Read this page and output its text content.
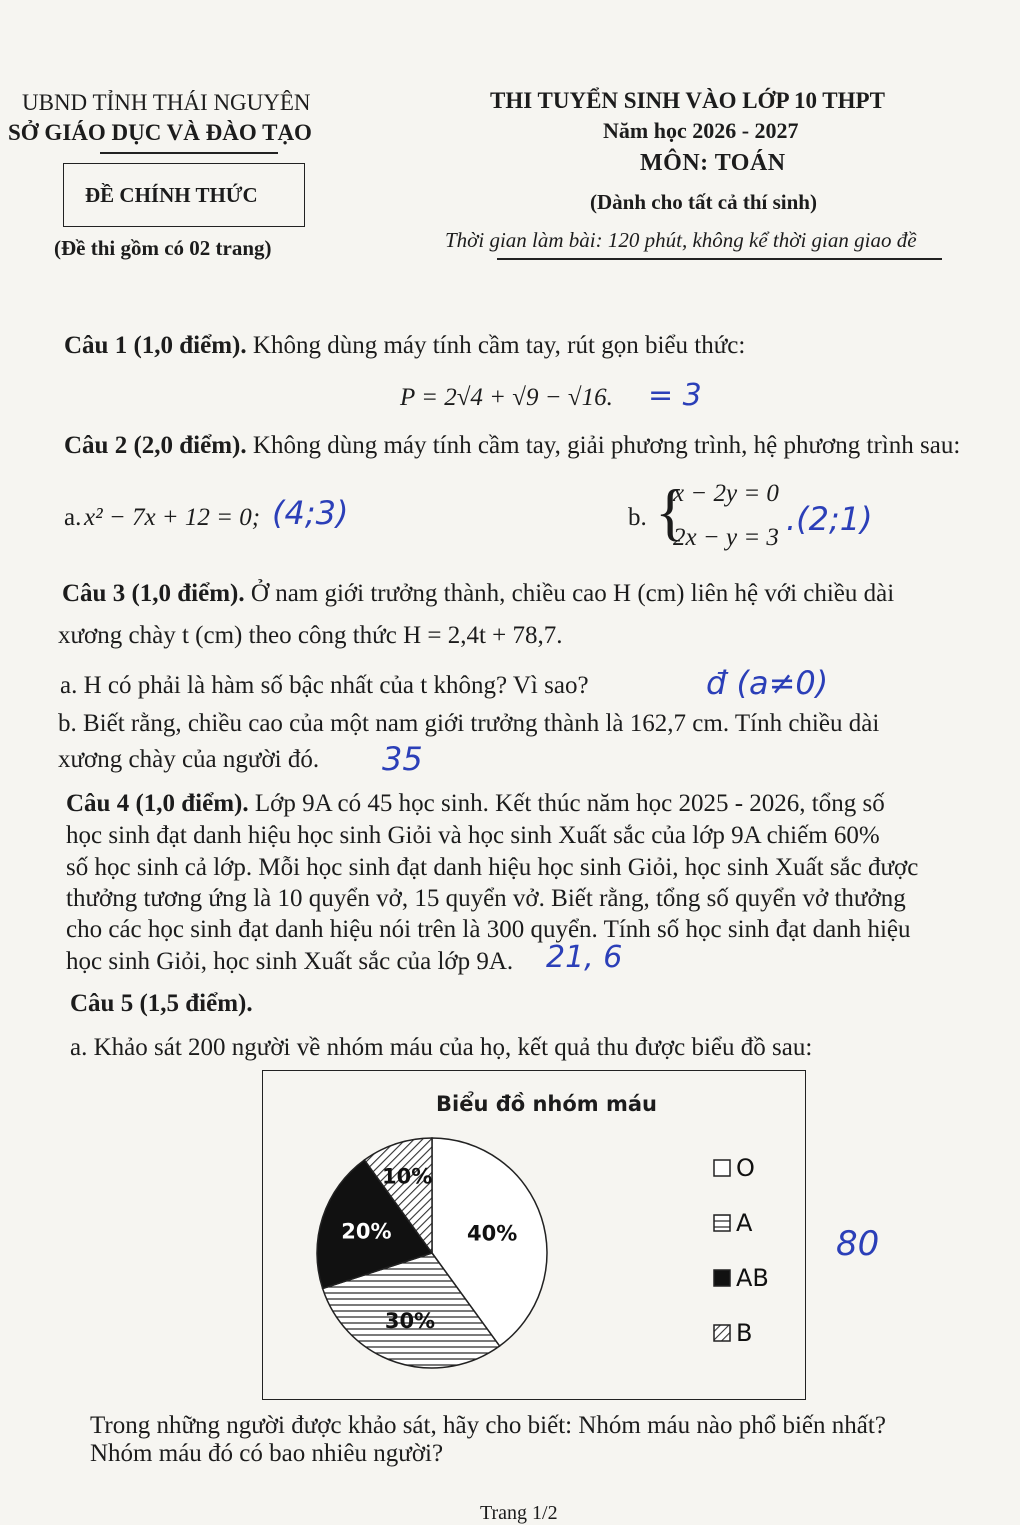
UBND TỈNH THÁI NGUYÊN
SỞ GIÁO DỤC VÀ ĐÀO TẠO
ĐỀ CHÍNH THỨC
(Đề thi gồm có 02 trang)
THI TUYỂN SINH VÀO LỚP 10 THPT
Năm học 2026 - 2027
MÔN: TOÁN
(Dành cho tất cả thí sinh)
Thời gian làm bài: 120 phút, không kể thời gian giao đề
Câu 1 (1,0 điểm). Không dùng máy tính cầm tay, rút gọn biểu thức:
P = 2√4 + √9 − √16. = 3
Câu 2 (2,0 điểm). Không dùng máy tính cầm tay, giải phương trình, hệ phương trình sau:
a. x² − 7x + 12 = 0; (4;3)	b. {
x − 2y = 0
2x − y = 3 .(2;1)
Câu 3 (1,0 điểm). Ở nam giới trưởng thành, chiều cao H (cm) liên hệ với chiều dài
xương chày t (cm) theo công thức H = 2,4t + 78,7.
a. H có phải là hàm số bậc nhất của t không? Vì sao?	đ (a≠0)
b. Biết rằng, chiều cao của một nam giới trưởng thành là 162,7 cm. Tính chiều dài
xương chày của người đó. 35
Câu 4 (1,0 điểm). Lớp 9A có 45 học sinh. Kết thúc năm học 2025 - 2026, tổng số
học sinh đạt danh hiệu học sinh Giỏi và học sinh Xuất sắc của lớp 9A chiếm 60%
số học sinh cả lớp. Mỗi học sinh đạt danh hiệu học sinh Giỏi, học sinh Xuất sắc được
thưởng tương ứng là 10 quyển vở, 15 quyển vở. Biết rằng, tổng số quyển vở thưởng
cho các học sinh đạt danh hiệu nói trên là 300 quyển. Tính số học sinh đạt danh hiệu
học sinh Giỏi, học sinh Xuất sắc của lớp 9A. 21, 6
Câu 5 (1,5 điểm).
a. Khảo sát 200 người về nhóm máu của họ, kết quả thu được biểu đồ sau:
80
Biểu đồ nhóm máu
40%
30%
20%
10%	O
A
AB
B
Trong những người được khảo sát, hãy cho biết: Nhóm máu nào phổ biến nhất?
Nhóm máu đó có bao nhiêu người?
Trang 1/2
